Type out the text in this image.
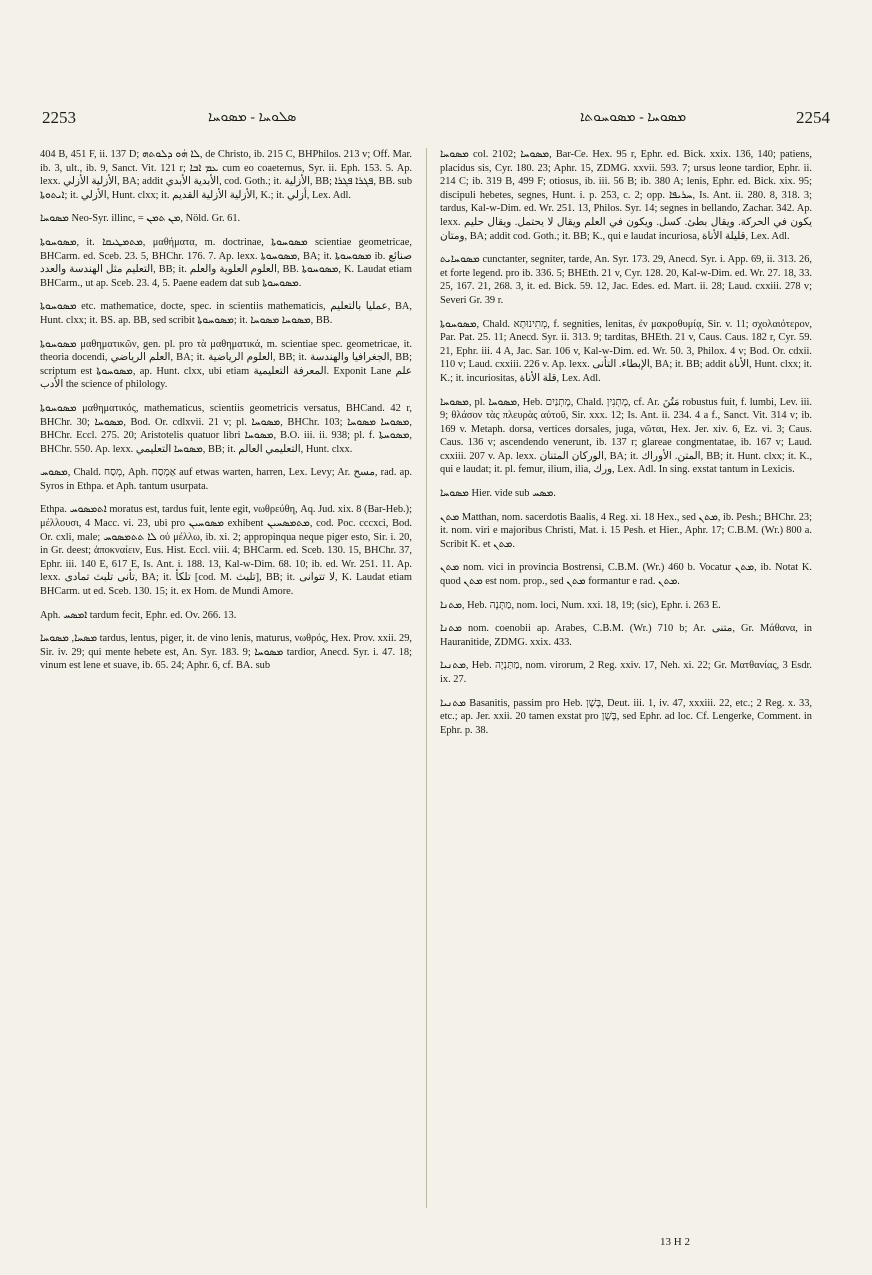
2253	ܣܠܘܚܐ - ܡܣܘܚܐ	ܡܣܘܚܐ - ܡܣܘܚܘܬܐ	2254

404 B, 451 F, ii. 137 D; ܠܐ ܗ̇ܘ ܕܠܘܬܗ, de Christo, ib. 215 C, BHPhilos. 213 v; Off. Mar. ib. 3, ult., ib. 9, Sanct. Vit. 121 r; ܥܡ ܐܒܐ cum eo coaeternus, Syr. ii. Eph. 153. 5. Ap. lexx. الأزلية الأزلي, BA; addit الأبدية الأبدي, cod. Goth.; it. الأزلية, BB; ܦܓܪܐ ܦܓܪܐ, BB. sub ܐܝܬܘܬܐ; it. الأزلي, Hunt. clxx; it. الأزلية الأزلية القديم, K.; it. أزلي, Lex. Adl.

ܡܣܘܚܐ Neo-Syr. illinc, = ܡܢ ܬܡܢ, Nöld. Gr. 61.

ܡܣܘܚܘܬܐ, it. ܡܬܡܛܝܩܐ, μαθήματα, m. doctrinae, ܡܣܘܚܘܬܐ scientiae geometricae, BHCarm. ed. Sceb. 23. 5, BHChr. 176. 7. Ap. lexx. ܡܣܘܚܘܬܐ, BA; it. ܡܣܘܚܘܬܐ ib. صنائع التعليم مثل الهندسة والعدد, BB; it. العلوم العلوية والعلم, BB. ܡܣܘܚܘܬܐ, K. Laudat etiam BHCarm., ut ap. Sceb. 23. 4, 5. Paene eadem dat sub ܡܣܘܚܘܬܐ.

ܡܣܘܚܘܬܐ etc. mathematice, docte, spec. in scientiis mathematicis, عمليا بالتعليم, BA, Hunt. clxx; it. BS. ap. BB, sed scribit ܡܣܘܚܘܬܐ; it. ܡܣܘܚܐ ܡܣܘܚܐ, BB.

ܡܣܘܚܘܬܐ μαθηματικῶν, gen. pl. pro τὰ μαθηματικά, m. scientiae spec. geometricae, it. theoria docendi, العلم الرياضي, BA; it. العلوم الرياضية, BB; it. الجغرافيا والهندسة, BB; scriptum est ܡܣܘܚܘܬܐ, ap. Hunt. clxx, ubi etiam المعرفة التعليمية. Exponit Lane علم الأدب the science of philology.

ܡܣܘܚܘܬܐ μαθηματικός, mathematicus, scientiis geometricis versatus, BHCand. 42 r, BHChr. 30; ܡܣܘܚܐ, Bod. Or. cdlxvii. 21 v; pl. ܡܣܘܚܐ, BHChr. 103; ܡܣܘܚܐ ܡܣܘܚܐ, BHChr. Eccl. 275. 20; Aristotelis quatuor libri ܡܣܘܚܐ, B.O. iii. ii. 938; pl. f. ܡܣܘܚܬܐ, BHChr. 550. Ap. lexx. ܡܣܘܚܐ التعليمي, BB; it. التعليمي العالم, Hunt. clxx.

ܡܣܘܚ, Chald. מְסַח, Aph. אַמְסַח auf etwas warten, harren, Lex. Levy; Ar. مسح, rad. ap. Syros in Ethpa. et Aph. tantum usurpata.

Ethpa. ܐܬܡܣܘܚ moratus est, tardus fuit, lente egit, νωθρεύθη, Aq. Jud. xix. 8 (Bar-Heb.); μέλλουσι, 4 Macc. vi. 23, ubi pro ܡܣܘܚܝܢ exhibent ܡܬܡܣܚܝܢ, cod. Poc. cccxci, Bod. Or. cxli, male; ܠܐ ܬܬܡܣܘܚ οὐ μέλλω, ib. xi. 2; appropinqua neque piger esto, Sir. i. 20, in Gr. deest; ἀποκναίειν, Eus. Hist. Eccl. viii. 4; BHCarm. ed. Sceb. 130. 15, BHChr. 37, Ephr. iii. 140 E, 617 E, Is. Ant. i. 188. 13, Kal-w-Dim. 68. 10; ib. ed. Wr. 251. 11. Ap. lexx. تأنى تلبث تمادى, BA; it. تلكأ [cod. M. تلبث], BB; it. لا تتوانى, K. Laudat etiam BHCarm. ut ed. Sceb. 130. 15; it. ex Hom. de Mundi Amore.

Aph. ܐܡܣܚ tardum fecit, Ephr. ed. Ov. 266. 13.

ܡܣܚܐ, ܡܣܘܚܐ tardus, lentus, piger, it. de vino lenis, maturus, νωθρός, Hex. Prov. xxii. 29, Sir. iv. 29; qui mente hebete est, An. Syr. 183. 9; ܡܣܘܚܐ tardior, Anecd. Syr. i. 47. 18; vinum est lene et suave, ib. 65. 24; Aphr. 6, cf. BA. sub

ܡܣܘܚܐ col. 2102; ܡܣܘܚܐ, Bar-Ce. Hex. 95 r, Ephr. ed. Bick. xxix. 136, 140; patiens, placidus sis, Cyr. 180. 23; Aphr. 15, ZDMG. xxvii. 593. 7; ursus leone tardior, Ephr. ii. 214 C; ib. 319 B, 499 F; otiosus, ib. iii. 56 B; ib. 380 A; lenis, Ephr. ed. Bick. xix. 95; discipuli hebetes, segnes, Hunt. i. p. 253, c. 2; opp. ܚܪܝܦܐ, Is. Ant. ii. 280. 8, 318. 3; tardus, Kal-w-Dim. ed. Wr. 251. 13, Philos. Syr. 14; segnes in bellando, Zachar. 342. Ap. lexx. يكون في الحركة. ويقال بطئ. كسل. ويكون في العلم ويقال لا يحتمل. ويقال حليم ومتان, BA; addit cod. Goth.; it. BB; K., qui e laudat incuriosa, قليلة الأناة, Lex. Adl.

ܡܣܘܚܐܝܬ cunctanter, segniter, tarde, An. Syr. 173. 29, Anecd. Syr. i. App. 69, ii. 313. 26, et forte legend. pro ib. 336. 5; BHEth. 21 v, Cyr. 128. 20, Kal-w-Dim. ed. Wr. 27. 18, 33. 25, 167. 21, 268. 3, it. ed. Bick. 59. 12, Jac. Edes. ed. Mart. ii. 28; Laud. cxxiii. 278 v; Severi Gr. 39 r.

ܡܣܘܚܘܬܐ, Chald. מְתִינוּתָא, f. segnities, lenitas, ἐν μακροθυμίᾳ, Sir. v. 11; σχολαιότερον, Par. Pat. 25. 11; Anecd. Syr. ii. 313. 9; tarditas, BHEth. 21 v, Caus. Caus. 182 r, Cyr. 59. 21, Ephr. iii. 4 A, Jac. Sar. 106 v, Kal-w-Dim. ed. Wr. 50. 3, Philox. 4 v; Bod. Or. cdxii. 110 v; Laud. cxxiii. 226 v. Ap. lexx. الإبطاء. التأنى, BA; it. BB; addit الأناة, Hunt. clxx; it. K.; it. incuriositas, قلة الأناة, Lex. Adl.

ܡܣܘܚܐ, pl. ܡܣܘܚܐ, Heb. מָתְנַיִם, Chald. מָתְנִין, cf. Ar. مَتُنَ robustus fuit, f. lumbi, Lev. iii. 9; θλάσον τὰς πλευρὰς αὐτοῦ, Sir. xxx. 12; Is. Ant. ii. 234. 4 a f., Sanct. Vit. 314 v; ib. 169 v. Metaph. dorsa, vertices dorsales, juga, νῶται, Hex. Jer. xiv. 6, Ez. vi. 3; Caus. Caus. 136 v; ascendendo venerunt, ib. 137 r; glareae congmentatae, ib. 167 v; Laud. cxxiii. 207 v. Ap. lexx. الوركان المتنان, BA; it. المتن. الأوراك, BB; it. Hunt. clxx; it. K., qui e laudat; it. pl. femur, ilium, ilia, ورك, Lex. Adl. In sing. exstat tantum in Lexicis.

ܡܣܘܚܐ Hier. vide sub ܡܣܚ.

ܡܬܢ Matthan, nom. sacerdotis Baalis, 4 Reg. xi. 18 Hex., sed ܡܬܢ, ib. Pesh.; BHChr. 23; it. nom. viri e majoribus Christi, Mat. i. 15 Pesh. et Hier., Aphr. 17; C.B.M. (Wr.) 800 a. Scribit K. et ܡܬܢ.

ܡܬܢ nom. vici in provincia Bostrensi, C.B.M. (Wr.) 460 b. Vocatur ܡܬܢ, ib. Notat K. quod ܡܬܢ est nom. prop., sed ܡܬܢ formantur e rad. ܡܬܢ.

ܡܬܢܐ, Heb. מַתָּנָה, nom. loci, Num. xxi. 18, 19; (sic), Ephr. i. 263 E.

ܡܬܢܐ nom. coenobii ap. Arabes, C.B.M. (Wr.) 710 b; Ar. متنى, Gr. Μάθανα, in Hauranitide, ZDMG. xxix. 433.

ܡܬܢܝܐ, Heb. מַתַּנְיָה, nom. virorum, 2 Reg. xxiv. 17, Neh. xi. 22; Gr. Ματθανίας, 3 Esdr. ix. 27.

ܡܬܢܝܐ Basanitis, passim pro Heb. בָּשָׁן, Deut. iii. 1, iv. 47, xxxiii. 22, etc.; 2 Reg. x. 33, etc.; ap. Jer. xxii. 20 tamen exstat pro בָּשָׁן, sed Ephr. ad loc. Cf. Lengerke, Comment. in Ephr. p. 38.

13 H 2
